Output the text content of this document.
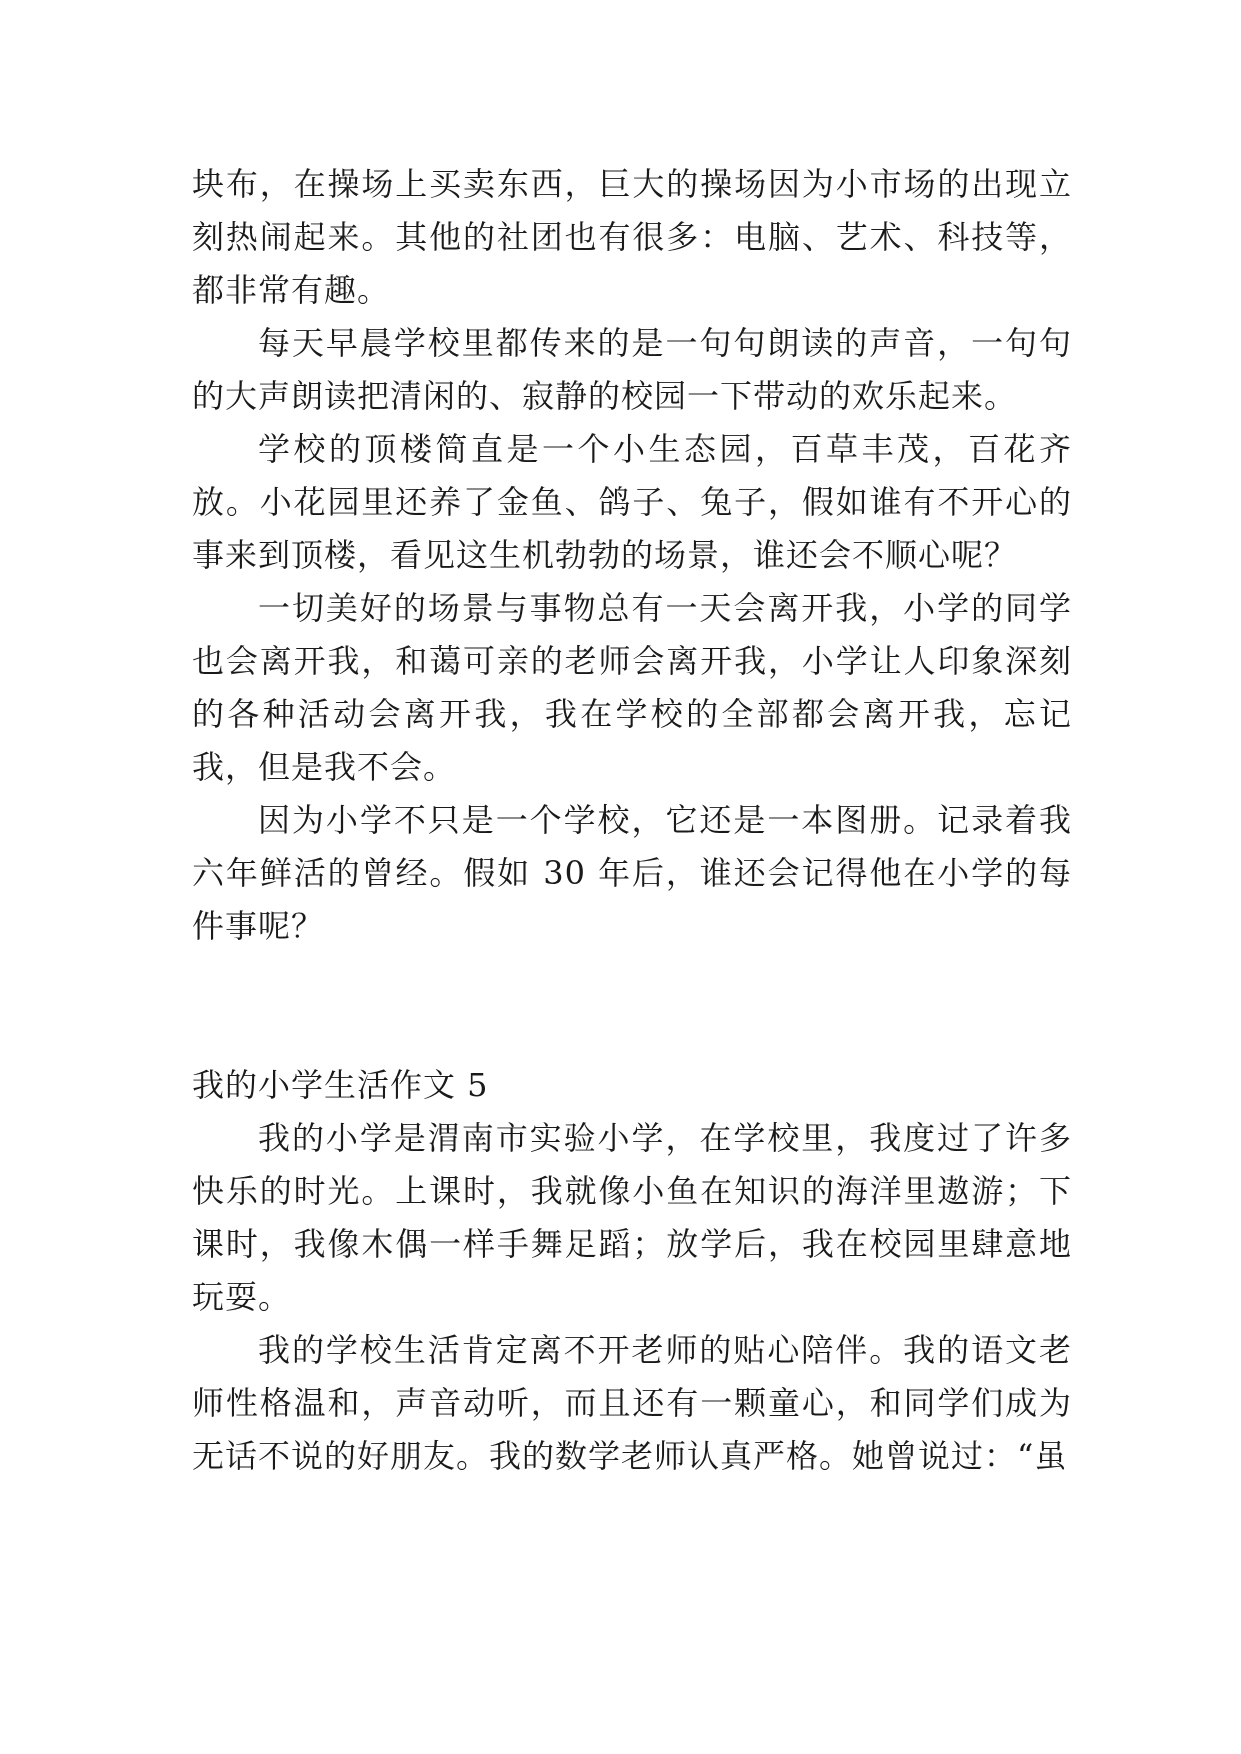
块布，在操场上买卖东西，巨大的操场因为小市场的出现立刻热闹起来。其他的社团也有很多：电脑、艺术、科技等，都非常有趣。

每天早晨学校里都传来的是一句句朗读的声音，一句句的大声朗读把清闲的、寂静的校园一下带动的欢乐起来。

学校的顶楼简直是一个小生态园，百草丰茂，百花齐放。小花园里还养了金鱼、鸽子、兔子，假如谁有不开心的事来到顶楼，看见这生机勃勃的场景，谁还会不顺心呢？

一切美好的场景与事物总有一天会离开我，小学的同学也会离开我，和蔼可亲的老师会离开我，小学让人印象深刻的各种活动会离开我，我在学校的全部都会离开我，忘记我，但是我不会。

因为小学不只是一个学校，它还是一本图册。记录着我六年鲜活的曾经。假如 30 年后，谁还会记得他在小学的每件事呢？

我的小学生活作文 5

我的小学是渭南市实验小学，在学校里，我度过了许多快乐的时光。上课时，我就像小鱼在知识的海洋里遨游；下课时，我像木偶一样手舞足蹈；放学后，我在校园里肆意地玩耍。

我的学校生活肯定离不开老师的贴心陪伴。我的语文老师性格温和，声音动听，而且还有一颗童心，和同学们成为无话不说的好朋友。我的数学老师认真严格。她曾说过：“虽
